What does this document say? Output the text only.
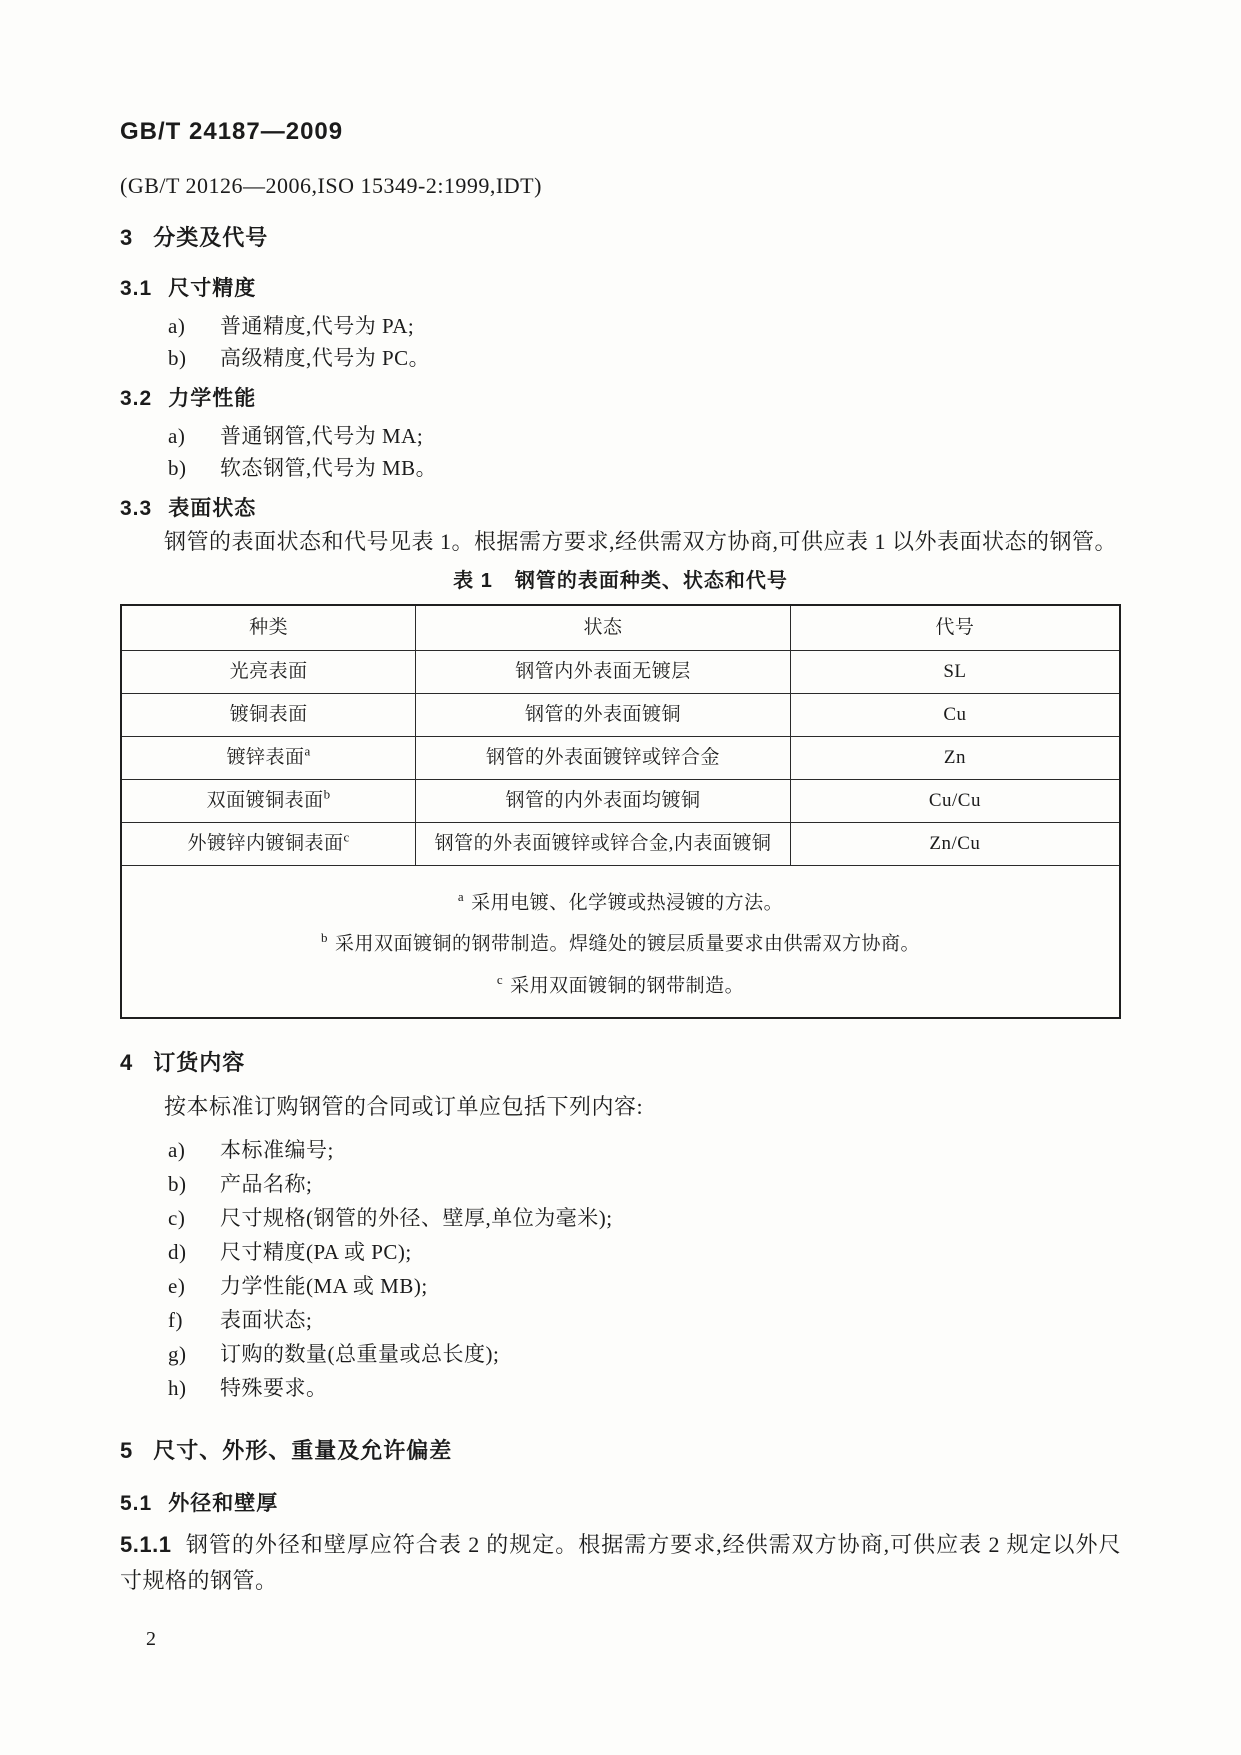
GB/T 24187—2009
(GB/T 20126—2006,ISO 15349-2:1999,IDT)
3 分类及代号
3.1 尺寸精度
a) 普通精度,代号为 PA;
b) 高级精度,代号为 PC。
3.2 力学性能
a) 普通钢管,代号为 MA;
b) 软态钢管,代号为 MB。
3.3 表面状态

钢管的表面状态和代号见表 1。根据需方要求,经供需双方协商,可供应表 1 以外表面状态的钢管。

表 1 钢管的表面种类、状态和代号
种类	状态	代号
光亮表面	钢管内外表面无镀层	SL
镀铜表面	钢管的外表面镀铜	Cu
镀锌表面$^a$	钢管的外表面镀锌或锌合金	Zn
双面镀铜表面$^b$	钢管的内外表面均镀铜	Cu/Cu
外镀锌内镀铜表面$^c$	钢管的外表面镀锌或锌合金,内表面镀铜	Zn/Cu

$^a$ 采用电镀、化学镀或热浸镀的方法。
$^b$ 采用双面镀铜的钢带制造。焊缝处的镀层质量要求由供需双方协商。
$^c$ 采用双面镀铜的钢带制造。		
4 订货内容

按本标准订购钢管的合同或订单应包括下列内容:

a) 本标准编号;
b) 产品名称;
c) 尺寸规格(钢管的外径、壁厚,单位为毫米);
d) 尺寸精度(PA 或 PC);
e) 力学性能(MA 或 MB);
f) 表面状态;
g) 订购的数量(总重量或总长度);
h) 特殊要求。
5 尺寸、外形、重量及允许偏差
5.1 外径和壁厚

5.1.1 钢管的外径和壁厚应符合表 2 的规定。根据需方要求,经供需双方协商,可供应表 2 规定以外尺寸规格的钢管。

2
